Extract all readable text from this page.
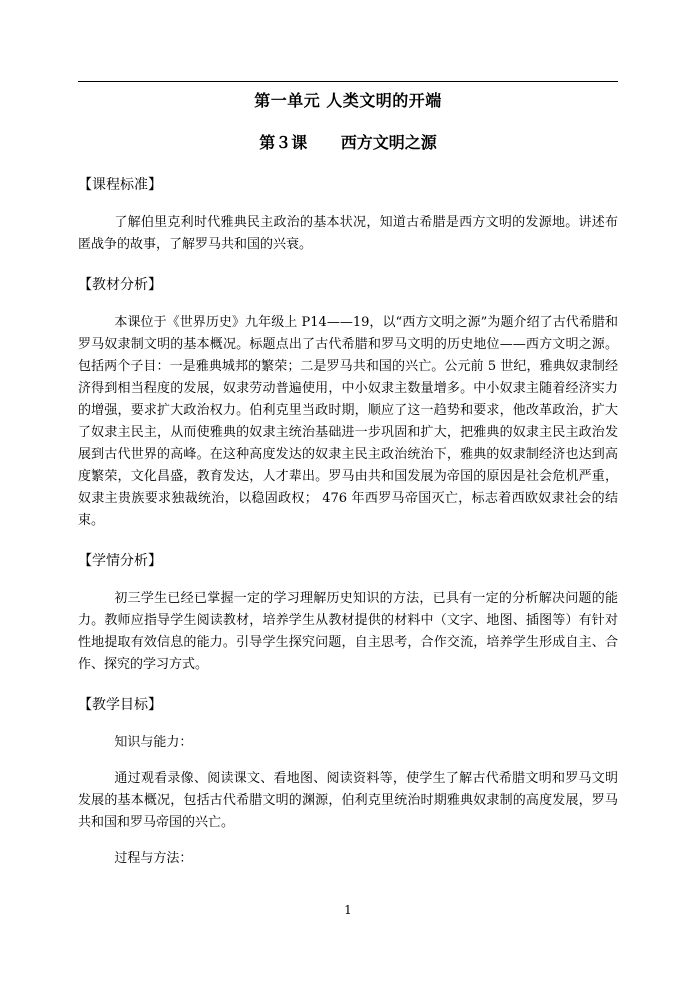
第一单元 人类文明的开端
第３课      西方文明之源
【课程标准】

了解伯里克利时代雅典民主政治的基本状况，知道古希腊是西方文明的发源地。讲述布匿战争的故事，了解罗马共和国的兴衰。

【教材分析】

本课位于《世界历史》九年级上 P14——19，以“西方文明之源”为题介绍了古代希腊和罗马奴隶制文明的基本概况。标题点出了古代希腊和罗马文明的历史地位——西方文明之源。包括两个子目：一是雅典城邦的繁荣；二是罗马共和国的兴亡。公元前 5 世纪，雅典奴隶制经济得到相当程度的发展，奴隶劳动普遍使用，中小奴隶主数量增多。中小奴隶主随着经济实力的增强，要求扩大政治权力。伯利克里当政时期，顺应了这一趋势和要求，他改革政治，扩大了奴隶主民主，从而使雅典的奴隶主统治基础进一步巩固和扩大，把雅典的奴隶主民主政治发展到古代世界的高峰。在这种高度发达的奴隶主民主政治统治下，雅典的奴隶制经济也达到高度繁荣，文化昌盛，教育发达，人才辈出。罗马由共和国发展为帝国的原因是社会危机严重，奴隶主贵族要求独裁统治，以稳固政权； 476 年西罗马帝国灭亡，标志着西欧奴隶社会的结束。

【学情分析】

初三学生已经已掌握一定的学习理解历史知识的方法，已具有一定的分析解决问题的能力。教师应指导学生阅读教材，培养学生从教材提供的材料中（文字、地图、插图等）有针对性地提取有效信息的能力。引导学生探究问题，自主思考，合作交流，培养学生形成自主、合作、探究的学习方式。

【教学目标】

知识与能力：

通过观看录像、阅读课文、看地图、阅读资料等，使学生了解古代希腊文明和罗马文明发展的基本概况，包括古代希腊文明的渊源，伯利克里统治时期雅典奴隶制的高度发展，罗马共和国和罗马帝国的兴亡。

过程与方法：

1
